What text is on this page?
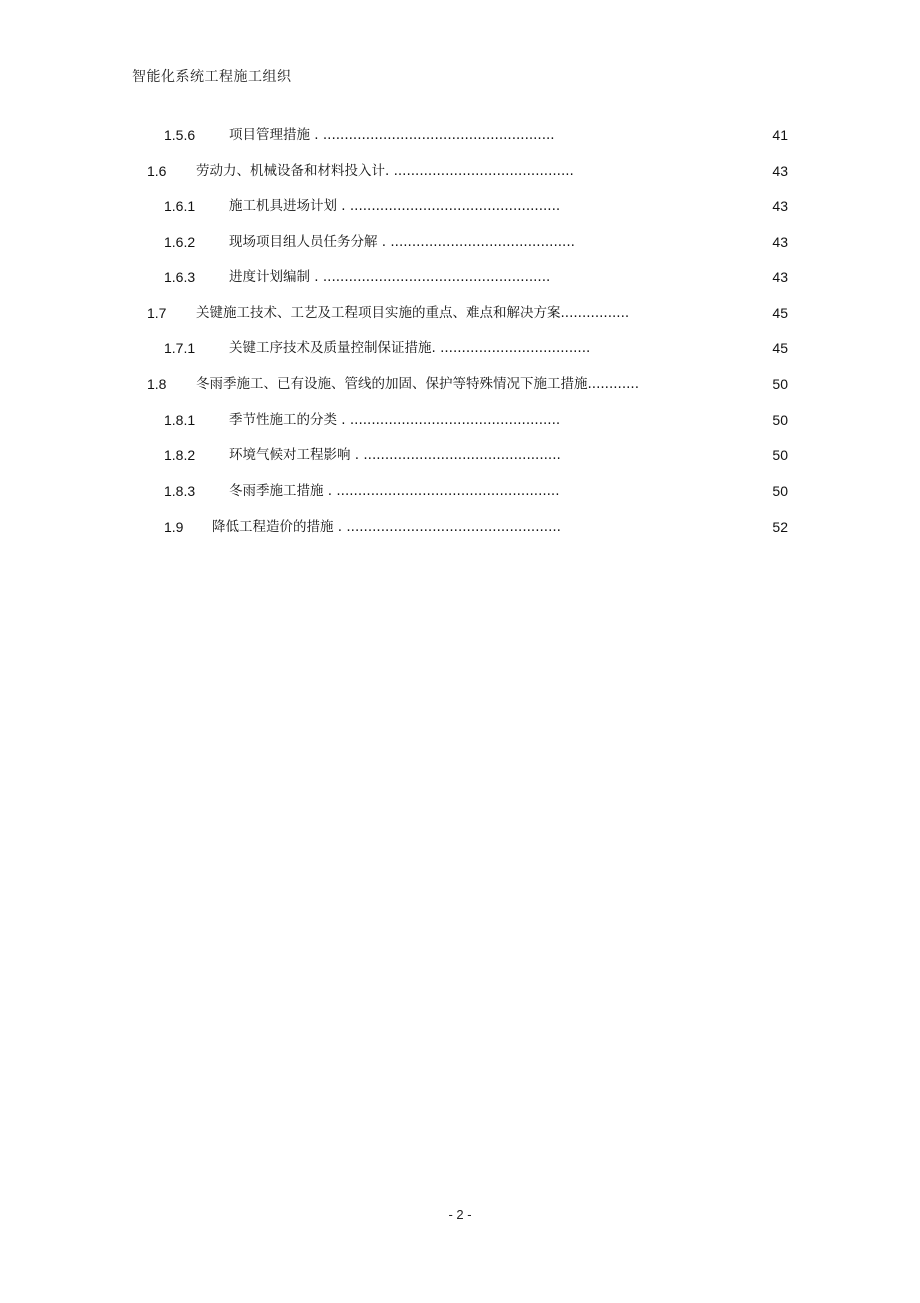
智能化系统工程施工组织
1.5.6	项目管理措施 . ......................................................	41
1.6 劳动力、机械设备和材料投入计. ..........................................	43
1.6.1	施工机具进场计划 . .................................................	43
1.6.2	现场项目组人员任务分解 . ...........................................	43
1.6.3	进度计划编制 . .....................................................	43
1.7 关键施工技术、工艺及工程项目实施的重点、难点和解决方案................	45
1.7.1	关键工序技术及质量控制保证措施. ...................................	45
1.8 冬雨季施工、已有设施、管线的加固、保护等特殊情况下施工措施............	50
1.8.1	季节性施工的分类 . .................................................	50
1.8.2	环境气候对工程影响 . ..............................................	50
1.8.3	冬雨季施工措施 . ....................................................	50
1.9 降低工程造价的措施 . ..................................................	52
- 2 -
